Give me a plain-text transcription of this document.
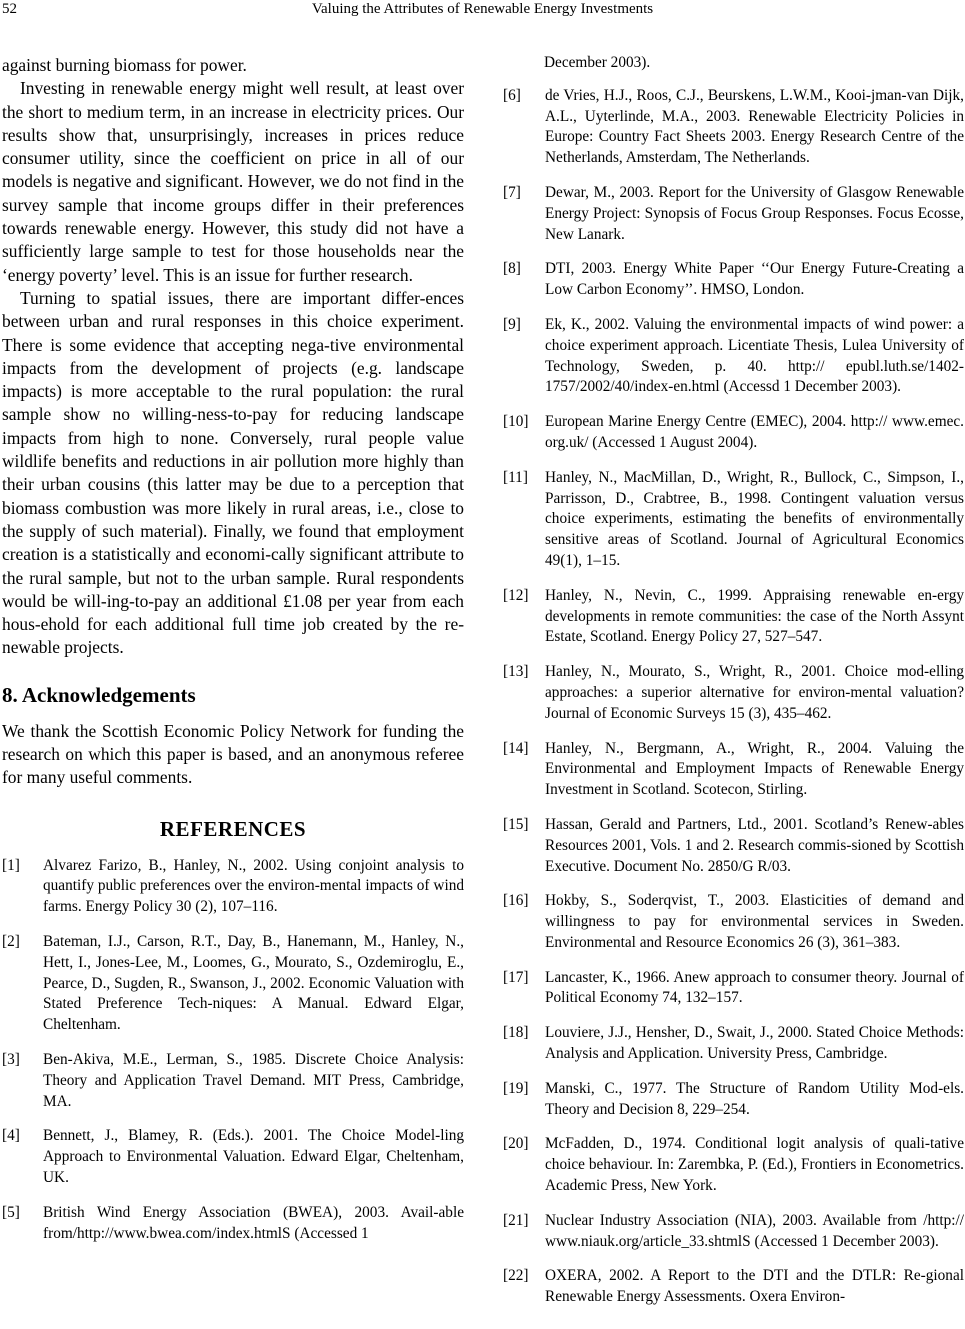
52	Valuing the Attributes of Renewable Energy Investments

against burning biomass for power.

Investing in renewable energy might well result, at least over the short to medium term, in an increase in electricity prices. Our results show that, unsurprisingly, increases in prices reduce consumer utility, since the coefficient on price in all of our models is negative and significant. However, we do not find in the survey sample that income groups differ in their preferences towards renewable energy. However, this study did not have a sufficiently large sample to test for those households near the ‘energy poverty’ level. This is an issue for further research.

Turning to spatial issues, there are important differ-ences between urban and rural responses in this choice experiment. There is some evidence that accepting nega-tive environmental impacts from the development of projects (e.g. landscape impacts) is more acceptable to the rural population: the rural sample show no willing-ness-to-pay for reducing landscape impacts from high to none. Conversely, rural people value wildlife benefits and reductions in air pollution more highly than their urban cousins (this latter may be due to a perception that biomass combustion was more likely in rural areas, i.e., close to the supply of such material). Finally, we found that employment creation is a statistically and economi-cally significant attribute to the rural sample, but not to the urban sample. Rural respondents would be will-ing-to-pay an additional £1.08 per year from each hous-ehold for each additional full time job created by the re-newable projects.

8. Acknowledgements

We thank the Scottish Economic Policy Network for funding the research on which this paper is based, and an anonymous referee for many useful comments.

REFERENCES
[1]	Alvarez Farizo, B., Hanley, N., 2002. Using conjoint analysis to quantify public preferences over the environ-mental impacts of wind farms. Energy Policy 30 (2), 107–116.
[2]	Bateman, I.J., Carson, R.T., Day, B., Hanemann, M., Hanley, N., Hett, I., Jones-Lee, M., Loomes, G., Mourato, S., Ozdemiroglu, E., Pearce, D., Sugden, R., Swanson, J., 2002. Economic Valuation with Stated Preference Tech-niques: A Manual. Edward Elgar, Cheltenham.
[3]	Ben-Akiva, M.E., Lerman, S., 1985. Discrete Choice Analysis: Theory and Application Travel Demand. MIT Press, Cambridge, MA.
[4]	Bennett, J., Blamey, R. (Eds.). 2001. The Choice Model-ling Approach to Environmental Valuation. Edward Elgar, Cheltenham, UK.
[5]	British Wind Energy Association (BWEA), 2003. Avail-able from/http://www.bwea.com/index.htmlS (Accessed 1
December 2003).
[6]	de Vries, H.J., Roos, C.J., Beurskens, L.W.M., Kooi-jman-van Dijk, A.L., Uyterlinde, M.A., 2003. Renewable Electricity Policies in Europe: Country Fact Sheets 2003. Energy Research Centre of the Netherlands, Amsterdam, The Netherlands.
[7]	Dewar, M., 2003. Report for the University of Glasgow Renewable Energy Project: Synopsis of Focus Group Responses. Focus Ecosse, New Lanark.
[8]	DTI, 2003. Energy White Paper ‘‘Our Energy Future-Creating a Low Carbon Economy’’. HMSO, London.
[9]	Ek, K., 2002. Valuing the environmental impacts of wind power: a choice experiment approach. Licentiate Thesis, Lulea University of Technology, Sweden, p. 40. http:// epubl.luth.se/1402-1757/2002/40/index-en.html (Accessd 1 December 2003).
[10]	European Marine Energy Centre (EMEC), 2004. http:// www.emec. org.uk/ (Accessed 1 August 2004).
[11]	Hanley, N., MacMillan, D., Wright, R., Bullock, C., Simpson, I., Parrisson, D., Crabtree, B., 1998. Contingent valuation versus choice experiments, estimating the benefits of environmentally sensitive areas of Scotland. Journal of Agricultural Economics 49(1), 1–15.
[12]	Hanley, N., Nevin, C., 1999. Appraising renewable en-ergy developments in remote communities: the case of the North Assynt Estate, Scotland. Energy Policy 27, 527–547.
[13]	Hanley, N., Mourato, S., Wright, R., 2001. Choice mod-elling approaches: a superior alternative for environ-mental valuation? Journal of Economic Surveys 15 (3), 435–462.
[14]	Hanley, N., Bergmann, A., Wright, R., 2004. Valuing the Environmental and Employment Impacts of Renewable Energy Investment in Scotland. Scotecon, Stirling.
[15]	Hassan, Gerald and Partners, Ltd., 2001. Scotland’s Renew-ables Resources 2001, Vols. 1 and 2. Research commis-sioned by Scottish Executive. Document No. 2850/G R/03.
[16]	Hokby, S., Soderqvist, T., 2003. Elasticities of demand and willingness to pay for environmental services in Sweden. Environmental and Resource Economics 26 (3), 361–383.
[17]	Lancaster, K., 1966. Anew approach to consumer theory. Journal of Political Economy 74, 132–157.
[18]	Louviere, J.J., Hensher, D., Swait, J., 2000. Stated Choice Methods: Analysis and Application. University Press, Cambridge.
[19]	Manski, C., 1977. The Structure of Random Utility Mod-els. Theory and Decision 8, 229–254.
[20]	McFadden, D., 1974. Conditional logit analysis of quali-tative choice behaviour. In: Zarembka, P. (Ed.), Frontiers in Econometrics. Academic Press, New York.
[21]	Nuclear Industry Association (NIA), 2003. Available from /http:// www.niauk.org/article_33.shtmlS (Accessed 1 December 2003).
[22]	OXERA, 2002. A Report to the DTI and the DTLR: Re-gional Renewable Energy Assessments. Oxera Environ-
